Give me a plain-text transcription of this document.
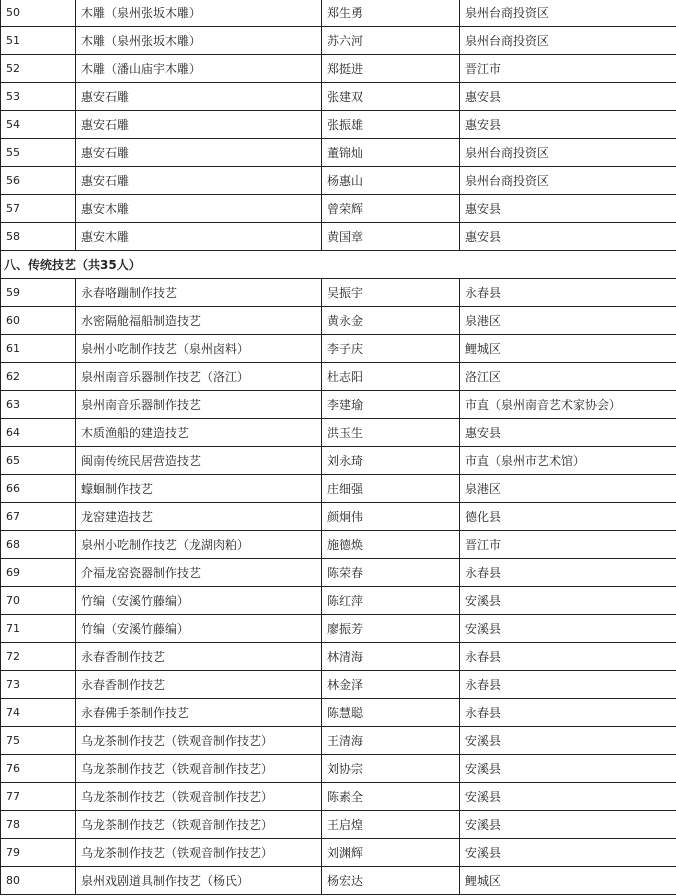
50	木雕（泉州张坂木雕）	郑生勇	泉州台商投资区
51	木雕（泉州张坂木雕）	苏六河	泉州台商投资区
52	木雕（潘山庙宇木雕）	郑挺进	晋江市
53	惠安石雕	张建双	惠安县
54	惠安石雕	张振雄	惠安县
55	惠安石雕	董锦灿	泉州台商投资区
56	惠安石雕	杨惠山	泉州台商投资区
57	惠安木雕	曾荣辉	惠安县
58	惠安木雕	黄国章	惠安县
八、传统技艺（共35人）			
59	永春咯蹦制作技艺	吴振宇	永春县
60	水密隔舱福船制造技艺	黄永金	泉港区
61	泉州小吃制作技艺（泉州卤料）	李子庆	鲤城区
62	泉州南音乐器制作技艺（洛江）	杜志阳	洛江区
63	泉州南音乐器制作技艺	李建瑜	市直（泉州南音艺术家协会）
64	木质渔船的建造技艺	洪玉生	惠安县
65	闽南传统民居营造技艺	刘永琦	市直（泉州市艺术馆）
66	蠓蛔制作技艺	庄细强	泉港区
67	龙窑建造技艺	颜炯伟	德化县
68	泉州小吃制作技艺（龙湖肉粕）	施德焕	晋江市
69	介福龙窑瓷器制作技艺	陈荣春	永春县
70	竹编（安溪竹藤编）	陈红萍	安溪县
71	竹编（安溪竹藤编）	廖振芳	安溪县
72	永春香制作技艺	林清海	永春县
73	永春香制作技艺	林金泽	永春县
74	永春佛手茶制作技艺	陈慧聪	永春县
75	乌龙茶制作技艺（铁观音制作技艺）	王清海	安溪县
76	乌龙茶制作技艺（铁观音制作技艺）	刘协宗	安溪县
77	乌龙茶制作技艺（铁观音制作技艺）	陈素全	安溪县
78	乌龙茶制作技艺（铁观音制作技艺）	王启煌	安溪县
79	乌龙茶制作技艺（铁观音制作技艺）	刘渊辉	安溪县
80	泉州戏剧道具制作技艺（杨氏）	杨宏达	鲤城区
